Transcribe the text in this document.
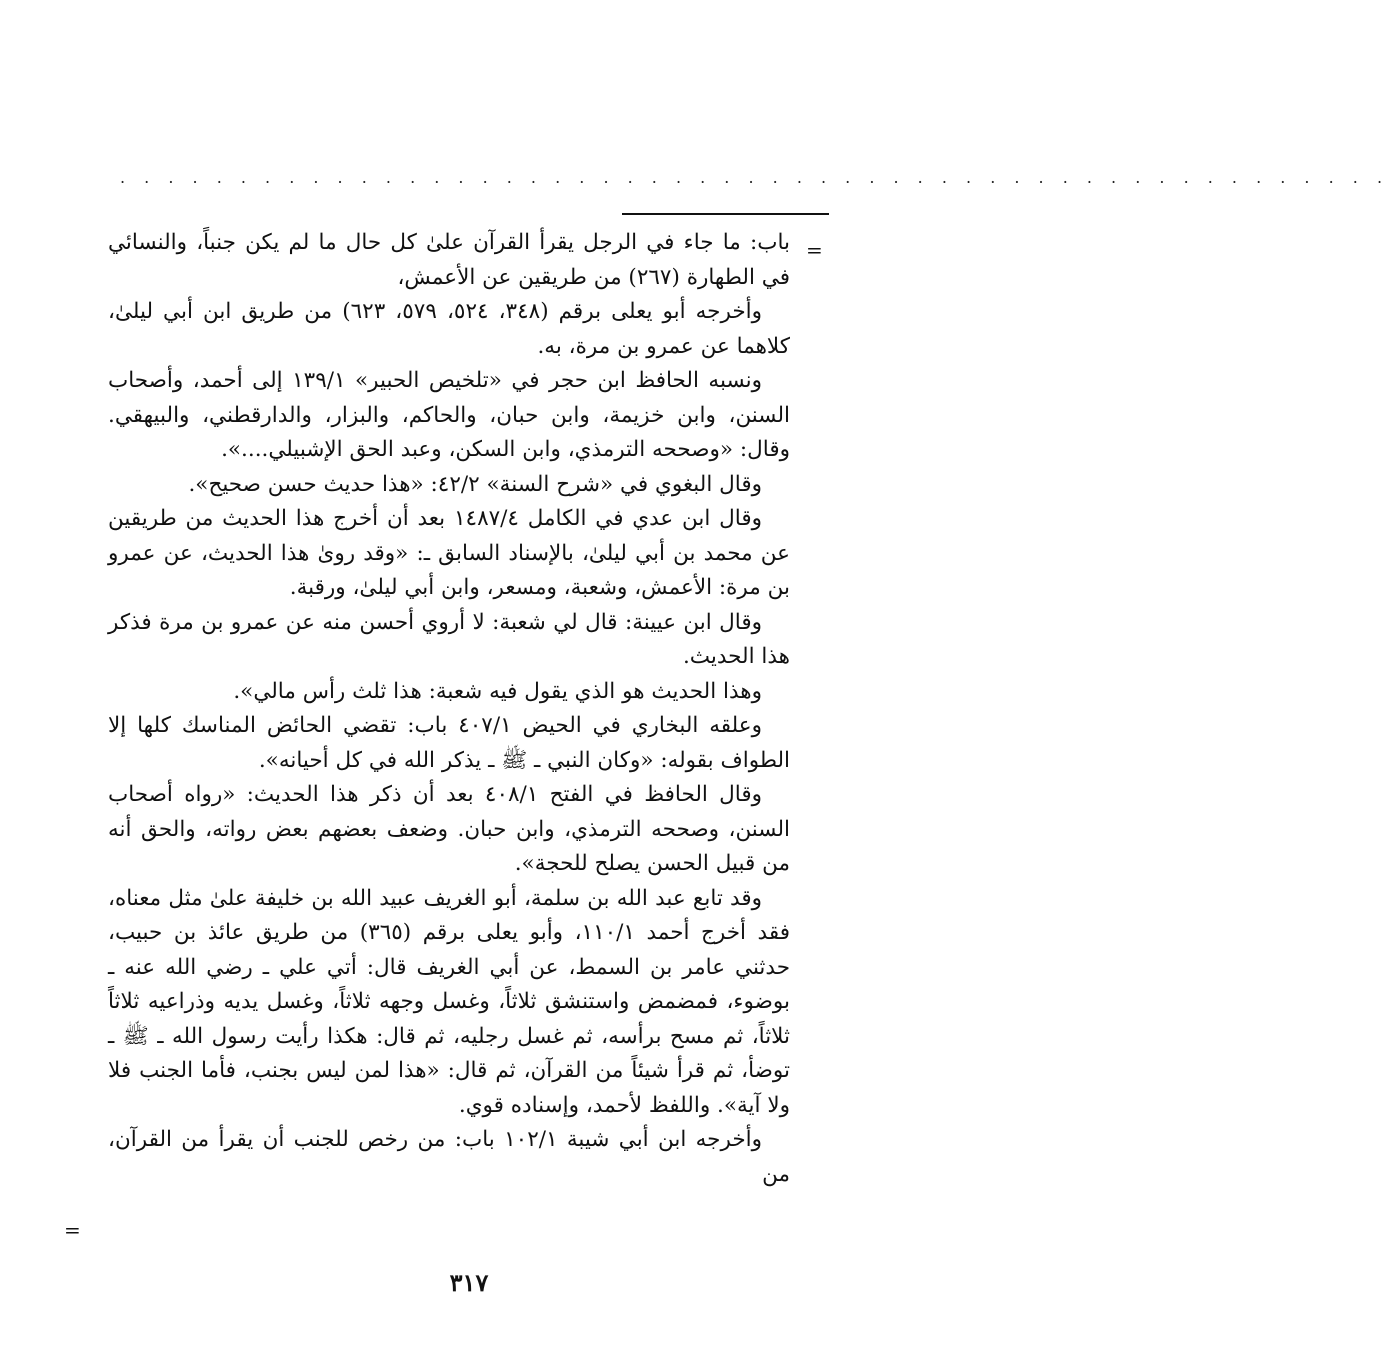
. . . . . . . . . . . . . . . . . . . . . . . . . . . . . . . . . . . . . . . . . . . . . . . . . . . . .
=
=

باب: ما جاء في الرجل يقرأ القرآن علىٰ كل حال ما لم يكن جنباً، والنسائي في الطهارة (٢٦٧) من طريقين عن الأعمش،

وأخرجه أبو يعلى برقم (٣٤٨، ٥٢٤، ٥٧٩، ٦٢٣) من طريق ابن أبي ليلىٰ، كلاهما عن عمرو بن مرة، به.

ونسبه الحافظ ابن حجر في «تلخيص الحبير» ١٣٩/١ إلى أحمد، وأصحاب السنن، وابن خزيمة، وابن حبان، والحاكم، والبزار، والدارقطني، والبيهقي. وقال: «وصححه الترمذي، وابن السكن، وعبد الحق الإشبيلي....».

وقال البغوي في «شرح السنة» ٤٢/٢: «هذا حديث حسن صحيح».

وقال ابن عدي في الكامل ١٤٨٧/٤ بعد أن أخرج هذا الحديث من طريقين عن محمد بن أبي ليلىٰ، بالإسناد السابق ـ: «وقد روىٰ هذا الحديث، عن عمرو بن مرة: الأعمش، وشعبة، ومسعر، وابن أبي ليلىٰ، ورقبة.

وقال ابن عيينة: قال لي شعبة: لا أروي أحسن منه عن عمرو بن مرة فذكر هذا الحديث.

وهذا الحديث هو الذي يقول فيه شعبة: هذا ثلث رأس مالي».

وعلقه البخاري في الحيض ٤٠٧/١ باب: تقضي الحائض المناسك كلها إلا الطواف بقوله: «وكان النبي ـ ﷺ ـ يذكر الله في كل أحيانه».

وقال الحافظ في الفتح ٤٠٨/١ بعد أن ذكر هذا الحديث: «رواه أصحاب السنن، وصححه الترمذي، وابن حبان. وضعف بعضهم بعض رواته، والحق أنه من قبيل الحسن يصلح للحجة».

وقد تابع عبد الله بن سلمة، أبو الغريف عبيد الله بن خليفة علىٰ مثل معناه، فقد أخرج أحمد ١١٠/١، وأبو يعلى برقم (٣٦٥) من طريق عائذ بن حبيب، حدثني عامر بن السمط، عن أبي الغريف قال: أتي علي ـ رضي الله عنه ـ بوضوء، فمضمض واستنشق ثلاثاً، وغسل وجهه ثلاثاً، وغسل يديه وذراعيه ثلاثاً ثلاثاً، ثم مسح برأسه، ثم غسل رجليه، ثم قال: هكذا رأيت رسول الله ـ ﷺ ـ توضأ، ثم قرأ شيئاً من القرآن، ثم قال: «هذا لمن ليس بجنب، فأما الجنب فلا ولا آية». واللفظ لأحمد، وإسناده قوي.

وأخرجه ابن أبي شيبة ١٠٢/١ باب: من رخص للجنب أن يقرأ من القرآن، من

٣١٧
